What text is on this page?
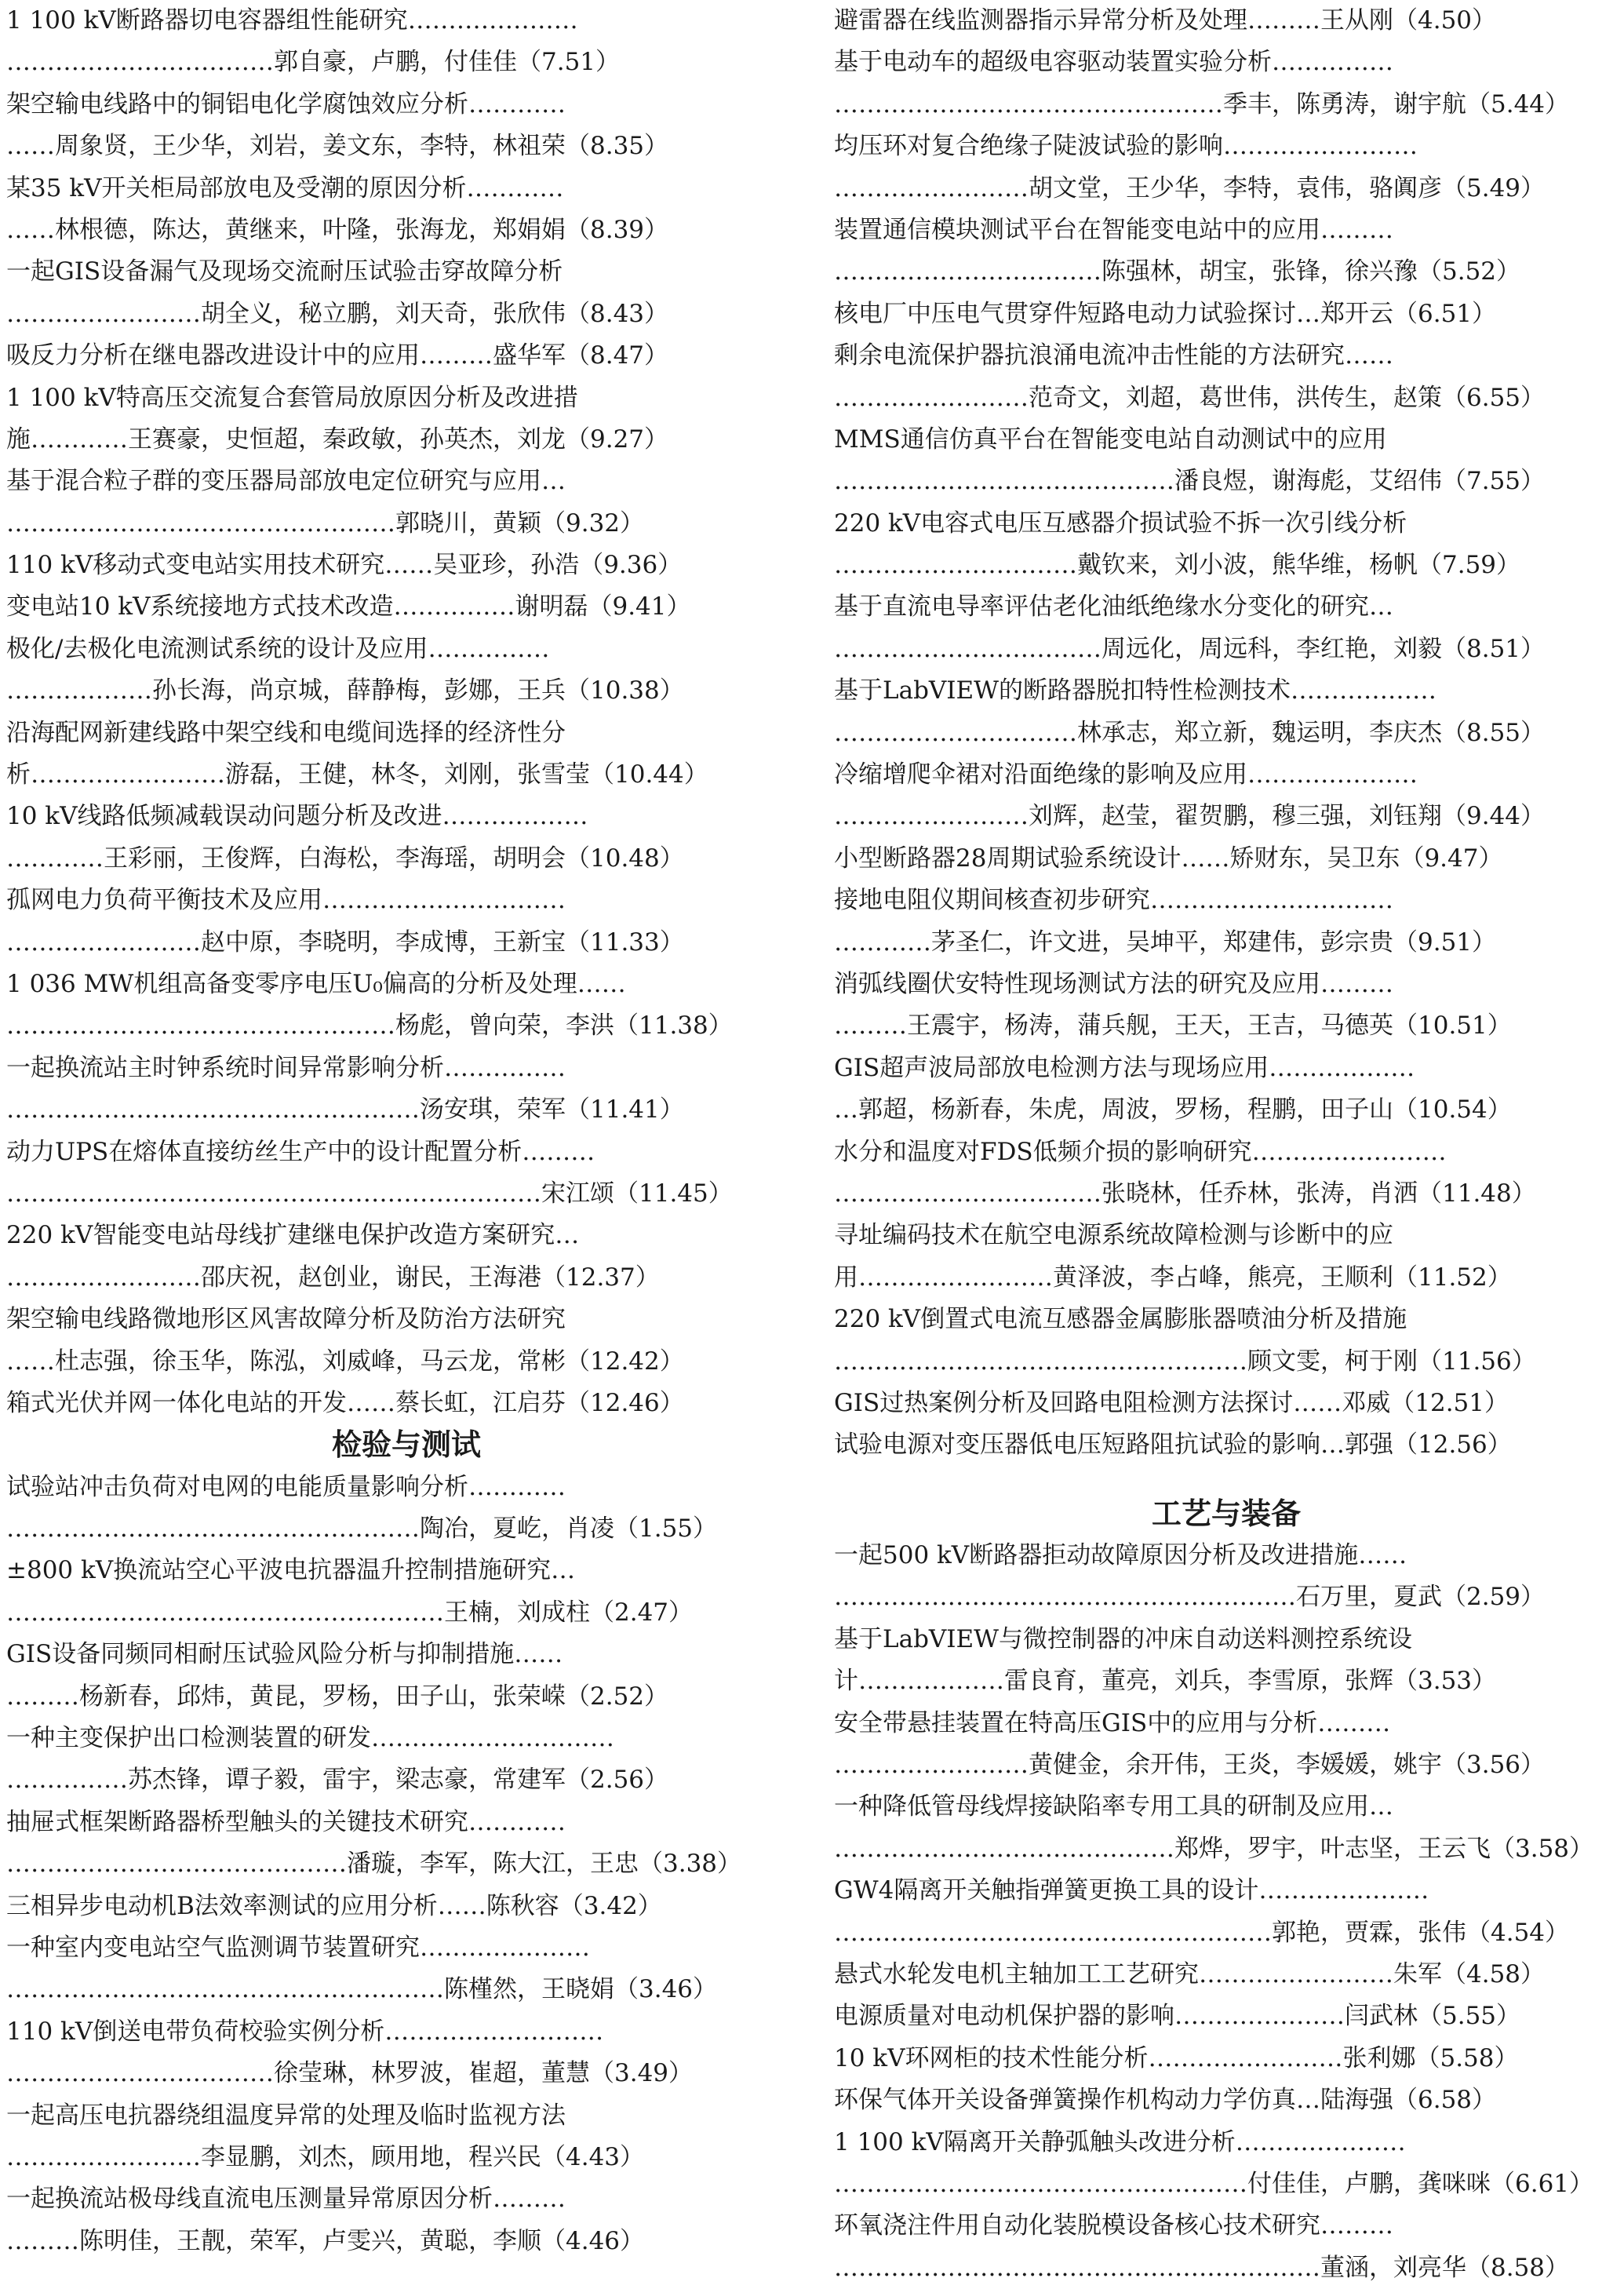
1 100 kV断路器切电容器组性能研究…………………
……………………………郭自豪，卢鹏，付佳佳（7.51）
架空输电线路中的铜铝电化学腐蚀效应分析…………
……周象贤，王少华，刘岩，姜文东，李特，林祖荣（8.35）
某35 kV开关柜局部放电及受潮的原因分析…………
……林根德，陈达，黄继来，叶隆，张海龙，郑娟娟（8.39）
一起GIS设备漏气及现场交流耐压试验击穿故障分析
……………………胡全义，秘立鹏，刘天奇，张欣伟（8.43）
吸反力分析在继电器改进设计中的应用………盛华军（8.47）
1 100 kV特高压交流复合套管局放原因分析及改进措
施…………王赛豪，史恒超，秦政敏，孙英杰，刘龙（9.27）
基于混合粒子群的变压器局部放电定位研究与应用…
…………………………………………郭晓川，黄颖（9.32）
110 kV移动式变电站实用技术研究……吴亚珍，孙浩（9.36）
变电站10 kV系统接地方式技术改造……………谢明磊（9.41）
极化/去极化电流测试系统的设计及应用……………
………………孙长海，尚京城，薛静梅，彭娜，王兵（10.38）
沿海配网新建线路中架空线和电缆间选择的经济性分
析……………………游磊，王健，林冬，刘刚，张雪莹（10.44）
10 kV线路低频减载误动问题分析及改进………………
…………王彩丽，王俊辉，白海松，李海瑶，胡明会（10.48）
孤网电力负荷平衡技术及应用…………………………
……………………赵中原，李晓明，李成博，王新宝（11.33）
1 036 MW机组高备变零序电压U₀偏高的分析及处理……
…………………………………………杨彪，曾向荣，李洪（11.38）
一起换流站主时钟系统时间异常影响分析……………
……………………………………………汤安琪，荣军（11.41）
动力UPS在熔体直接纺丝生产中的设计配置分析………
…………………………………………………………宋江颂（11.45）
220 kV智能变电站母线扩建继电保护改造方案研究…
……………………邵庆祝，赵创业，谢民，王海港（12.37）
架空输电线路微地形区风害故障分析及防治方法研究
……杜志强，徐玉华，陈泓，刘威峰，马云龙，常彬（12.42）
箱式光伏并网一体化电站的开发……蔡长虹，江启芬（12.46）
检验与测试
试验站冲击负荷对电网的电能质量影响分析…………
……………………………………………陶冶，夏屹，肖凌（1.55）
±800 kV换流站空心平波电抗器温升控制措施研究…
………………………………………………王楠，刘成柱（2.47）
GIS设备同频同相耐压试验风险分析与抑制措施……
………杨新春，邱炜，黄昆，罗杨，田子山，张荣嵘（2.52）
一种主变保护出口检测装置的研发…………………………
……………苏杰锋，谭子毅，雷宇，梁志豪，常建军（2.56）
抽屉式框架断路器桥型触头的关键技术研究…………
……………………………………潘璇，李军，陈大江，王忠（3.38）
三相异步电动机B法效率测试的应用分析……陈秋容（3.42）
一种室内变电站空气监测调节装置研究…………………
………………………………………………陈槿然，王晓娟（3.46）
110 kV倒送电带负荷校验实例分析………………………
……………………………徐莹琳，林罗波，崔超，董慧（3.49）
一起高压电抗器绕组温度异常的处理及临时监视方法
……………………李显鹏，刘杰，顾用地，程兴民（4.43）
一起换流站极母线直流电压测量异常原因分析………
………陈明佳，王靓，荣军，卢雯兴，黄聪，李顺（4.46）
避雷器在线监测器指示异常分析及处理………王从刚（4.50）
基于电动车的超级电容驱动装置实验分析……………
…………………………………………季丰，陈勇涛，谢宇航（5.44）
均压环对复合绝缘子陡波试验的影响……………………
……………………胡文堂，王少华，李特，袁伟，骆阗彦（5.49）
装置通信模块测试平台在智能变电站中的应用………
……………………………陈强林，胡宝，张锋，徐兴豫（5.52）
核电厂中压电气贯穿件短路电动力试验探讨…郑开云（6.51）
剩余电流保护器抗浪涌电流冲击性能的方法研究……
……………………范奇文，刘超，葛世伟，洪传生，赵策（6.55）
MMS通信仿真平台在智能变电站自动测试中的应用
……………………………………潘良煜，谢海彪，艾绍伟（7.55）
220 kV电容式电压互感器介损试验不拆一次引线分析
…………………………戴钦来，刘小波，熊华维，杨帆（7.59）
基于直流电导率评估老化油纸绝缘水分变化的研究…
……………………………周远化，周远科，李红艳，刘毅（8.51）
基于LabVIEW的断路器脱扣特性检测技术………………
…………………………林承志，郑立新，魏运明，李庆杰（8.55）
冷缩增爬伞裙对沿面绝缘的影响及应用…………………
……………………刘辉，赵莹，翟贺鹏，穆三强，刘钰翔（9.44）
小型断路器28周期试验系统设计……矫财东，吴卫东（9.47）
接地电阻仪期间核查初步研究…………………………
…………茅圣仁，许文进，吴坤平，郑建伟，彭宗贵（9.51）
消弧线圈伏安特性现场测试方法的研究及应用………
………王震宇，杨涛，蒲兵舰，王天，王吉，马德英（10.51）
GIS超声波局部放电检测方法与现场应用………………
…郭超，杨新春，朱虎，周波，罗杨，程鹏，田子山（10.54）
水分和温度对FDS低频介损的影响研究……………………
……………………………张晓林，任乔林，张涛，肖洒（11.48）
寻址编码技术在航空电源系统故障检测与诊断中的应
用……………………黄泽波，李占峰，熊亮，王顺利（11.52）
220 kV倒置式电流互感器金属膨胀器喷油分析及措施
……………………………………………顾文雯，柯于刚（11.56）
GIS过热案例分析及回路电阻检测方法探讨……邓威（12.51）
试验电源对变压器低电压短路阻抗试验的影响…郭强（12.56）
工艺与装备
一起500 kV断路器拒动故障原因分析及改进措施……
…………………………………………………石万里，夏武（2.59）
基于LabVIEW与微控制器的冲床自动送料测控系统设
计………………雷良育，董亮，刘兵，李雪原，张辉（3.53）
安全带悬挂装置在特高压GIS中的应用与分析………
……………………黄健金，余开伟，王炎，李媛媛，姚宇（3.56）
一种降低管母线焊接缺陷率专用工具的研制及应用…
……………………………………郑烨，罗宇，叶志坚，王云飞（3.58）
GW4隔离开关触指弹簧更换工具的设计…………………
………………………………………………郭艳，贾霖，张伟（4.54）
悬式水轮发电机主轴加工工艺研究……………………朱军（4.58）
电源质量对电动机保护器的影响…………………闫武林（5.55）
10 kV环网柜的技术性能分析……………………张利娜（5.58）
环保气体开关设备弹簧操作机构动力学仿真…陆海强（6.58）
1 100 kV隔离开关静弧触头改进分析…………………
……………………………………………付佳佳，卢鹏，龚咪咪（6.61）
环氧浇注件用自动化装脱模设备核心技术研究………
……………………………………………………董涵，刘亮华（8.58）
